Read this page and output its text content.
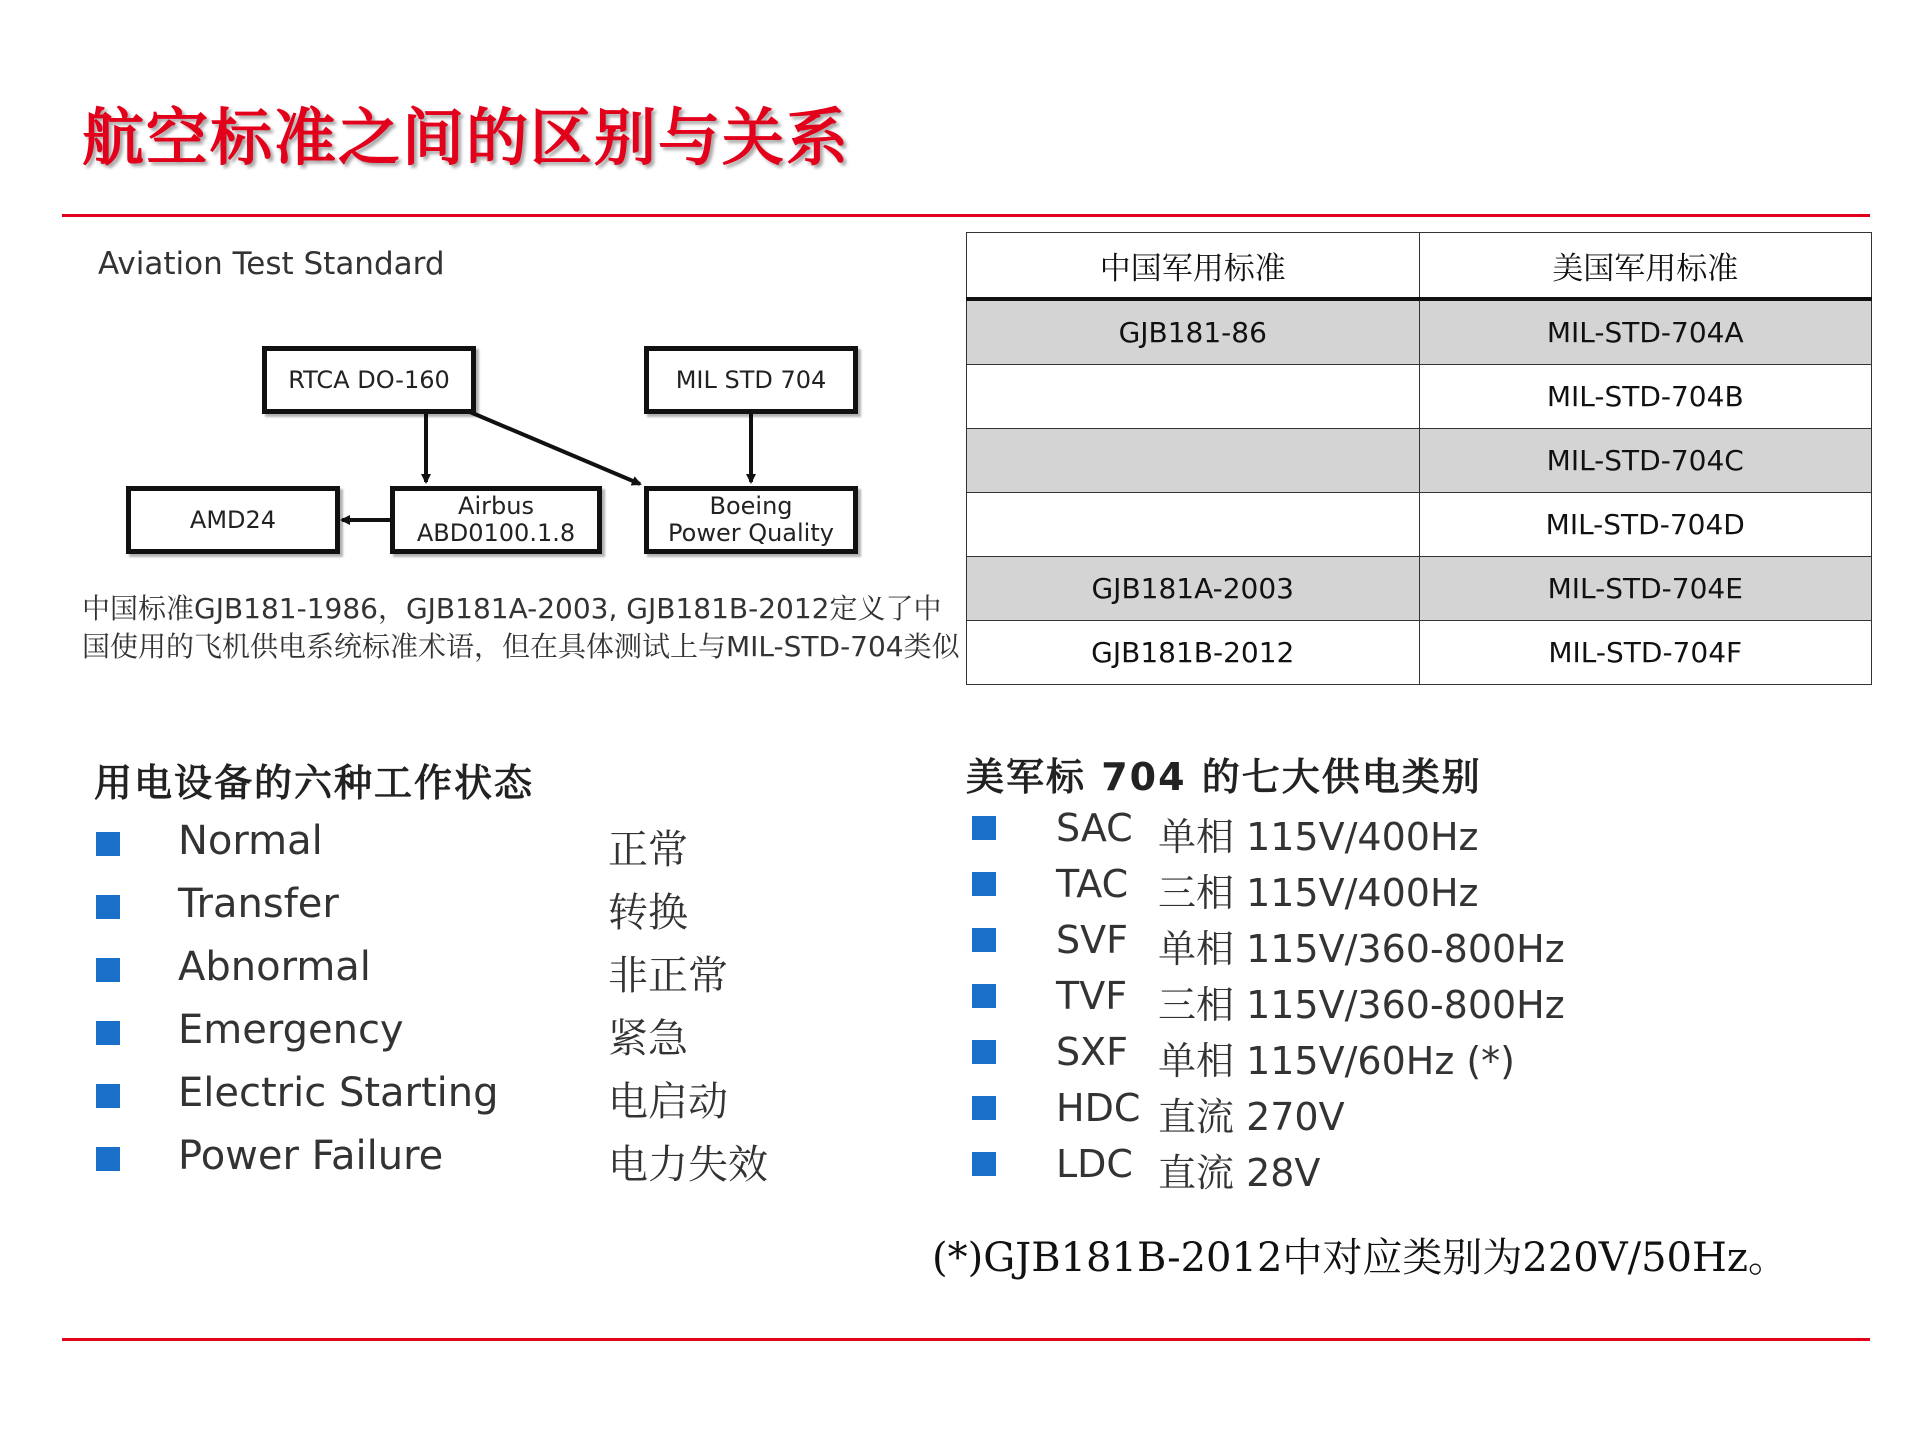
航空标准之间的区别与关系
Aviation Test Standard
RTCA DO-160	MIL STD 704
AMD24	Airbus
ABD0100.1.8
Boeing
Power Quality
中国标准GJB181-1986，GJB181A-2003, GJB181B-2012定义了中国使用的飞机供电系统标准术语，但在具体测试上与MIL-STD-704类似
中国军用标准	美国军用标准
GJB181-86	MIL-STD-704A
	MIL-STD-704B
	MIL-STD-704C
	MIL-STD-704D
GJB181A-2003	MIL-STD-704E
GJB181B-2012	MIL-STD-704F
用电设备的六种工作状态
Normal	正常
Transfer	转换
Abnormal	非正常
Emergency	紧急
Electric Starting	电启动
Power Failure	电力失效
美军标 704 的七大供电类别
SAC 单相 115V/400Hz
TAC 三相 115V/400Hz
SVF 单相 115V/360-800Hz
TVF 三相 115V/360-800Hz
SXF 单相 115V/60Hz (*)
HDC 直流 270V
LDC 直流 28V
(*)GJB181B-2012中对应类别为220V/50Hz。
